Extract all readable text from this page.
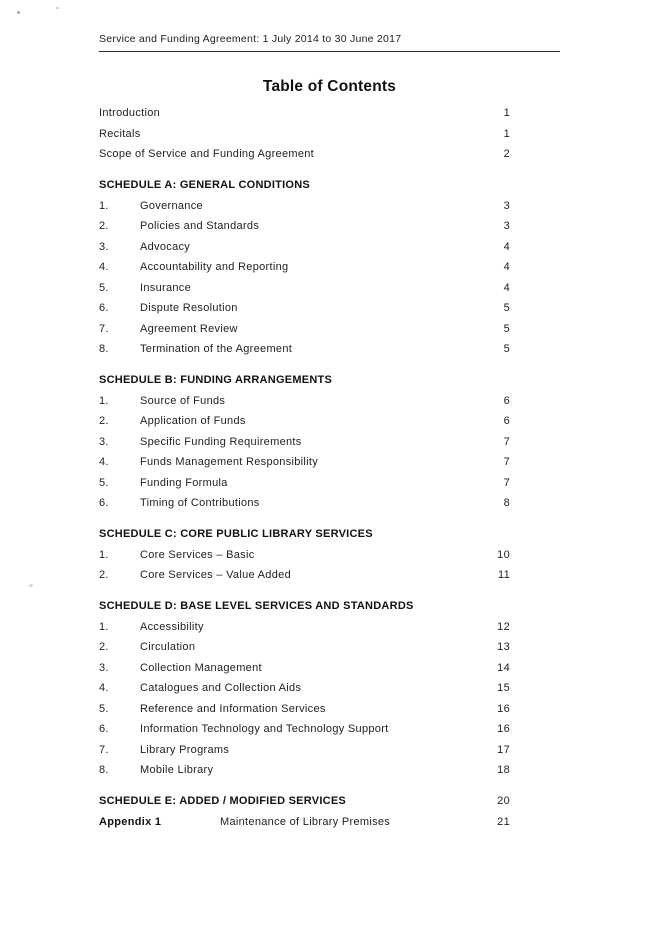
Service and Funding Agreement: 1 July 2014 to 30 June 2017
Table of Contents
Introduction	1
Recitals	1
Scope of Service and Funding Agreement	2
SCHEDULE A: GENERAL CONDITIONS
1.	Governance	3
2.	Policies and Standards	3
3.	Advocacy	4
4.	Accountability and Reporting	4
5.	Insurance	4
6.	Dispute Resolution	5
7.	Agreement Review	5
8.	Termination of the Agreement	5
SCHEDULE B: FUNDING ARRANGEMENTS
1.	Source of Funds	6
2.	Application of Funds	6
3.	Specific Funding Requirements	7
4.	Funds Management Responsibility	7
5.	Funding Formula	7
6.	Timing of Contributions	8
SCHEDULE C: CORE PUBLIC LIBRARY SERVICES
1.	Core Services – Basic	10
2.	Core Services – Value Added	11
SCHEDULE D: BASE LEVEL SERVICES AND STANDARDS
1.	Accessibility	12
2.	Circulation	13
3.	Collection Management	14
4.	Catalogues and Collection Aids	15
5.	Reference and Information Services	16
6.	Information Technology and Technology Support	16
7.	Library Programs	17
8.	Mobile Library	18
SCHEDULE E: ADDED / MODIFIED SERVICES	20
Appendix 1	Maintenance of Library Premises	21
